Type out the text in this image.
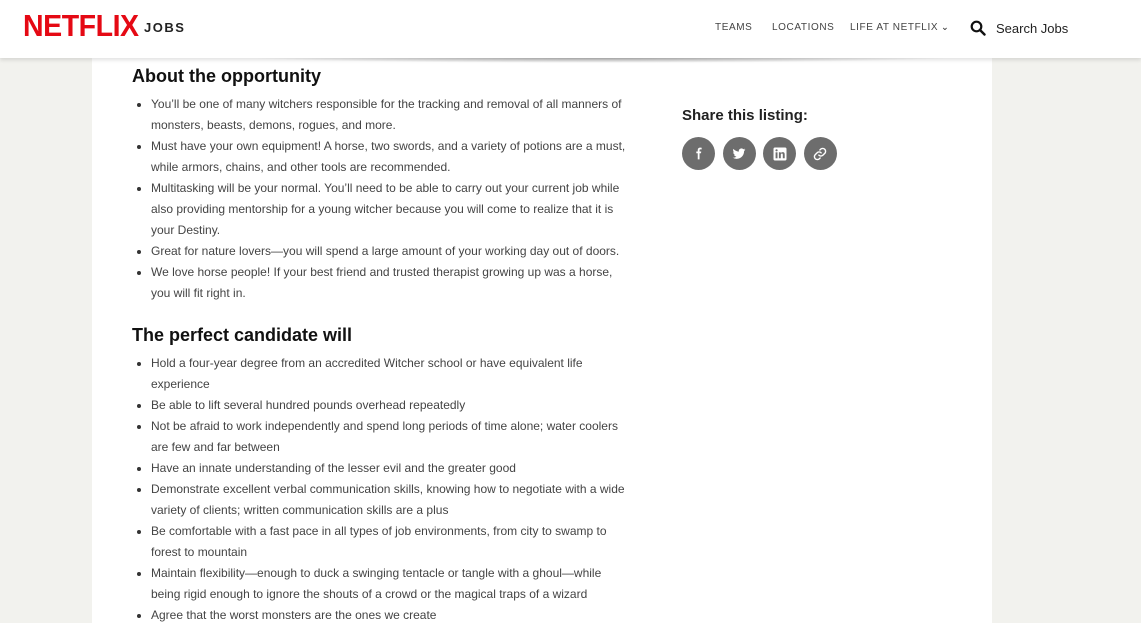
NETFLIX JOBS	TEAMS LOCATIONS LIFE AT NETFLIX ⌄	Search Jobs
About the opportunity
You’ll be one of many witchers responsible for the tracking and removal of all manners of monsters, beasts, demons, rogues, and more.
Must have your own equipment! A horse, two swords, and a variety of potions are a must, while armors, chains, and other tools are recommended.
Multitasking will be your normal. You’ll need to be able to carry out your current job while also providing mentorship for a young witcher because you will come to realize that it is your Destiny.
Great for nature lovers—you will spend a large amount of your working day out of doors.
We love horse people! If your best friend and trusted therapist growing up was a horse, you will fit right in.
The perfect candidate will
Hold a four-year degree from an accredited Witcher school or have equivalent life experience
Be able to lift several hundred pounds overhead repeatedly
Not be afraid to work independently and spend long periods of time alone; water coolers are few and far between
Have an innate understanding of the lesser evil and the greater good
Demonstrate excellent verbal communication skills, knowing how to negotiate with a wide variety of clients; written communication skills are a plus
Be comfortable with a fast pace in all types of job environments, from city to swamp to forest to mountain
Maintain flexibility—enough to duck a swinging tentacle or tangle with a ghoul—while being rigid enough to ignore the shouts of a crowd or the magical traps of a wizard
Agree that the worst monsters are the ones we create
Share this listing:
